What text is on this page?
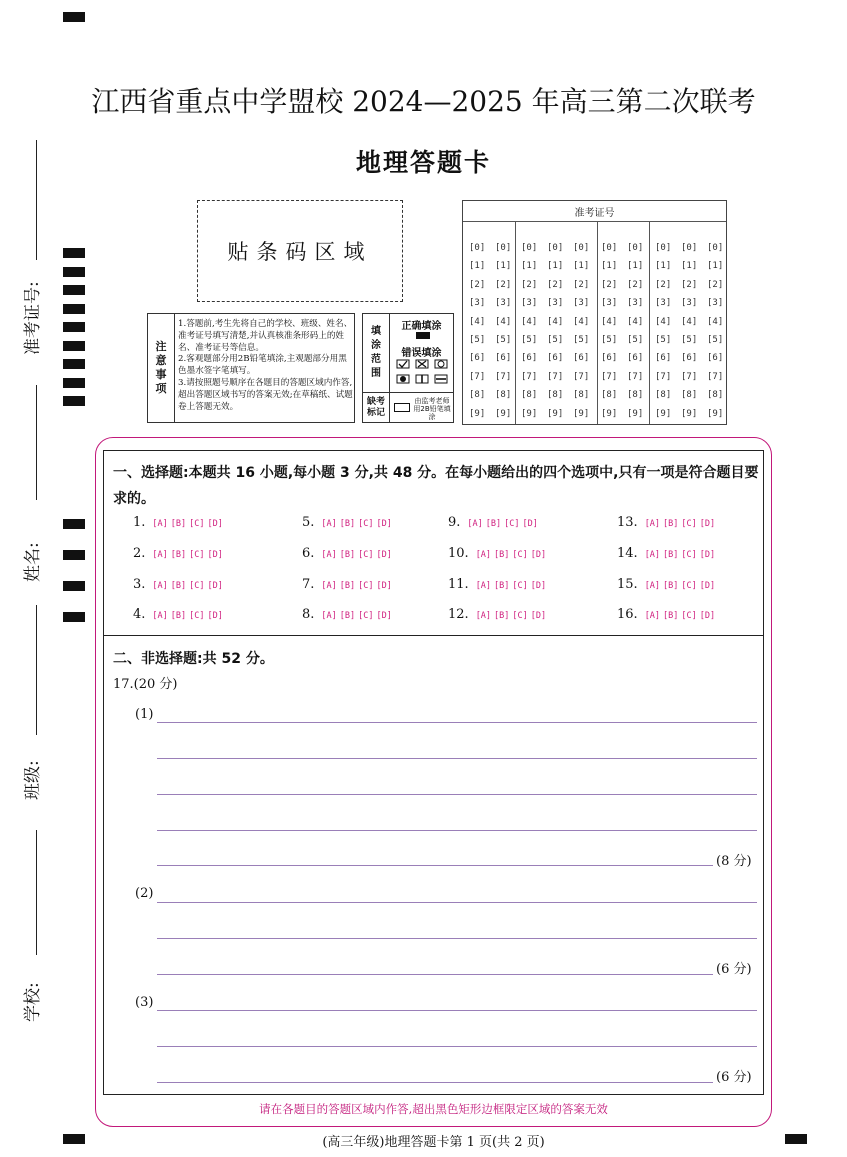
江西省重点中学盟校 2024—2025 年高三第二次联考
地理答题卡
贴条码区域
注
意
事
项
1.答题前,考生先将自己的学校、班级、姓名、准考证号填写清楚,并认真核准条形码上的姓名、准考证号等信息。
2.客观题部分用2B铅笔填涂,主观题部分用黑色墨水签字笔填写。
3.请按照题号顺序在各题目的答题区域内作答,超出答题区域书写的答案无效;在草稿纸、试题卷上答题无效。
填
涂
范
围
正确填涂
错误填涂
缺考
标记
由监考老师用2B铅笔填涂
准考证号
[0]
[1]
[2]
[3]
[4]
[5]
[6]
[7]
[8]
[9]
[0]
[1]
[2]
[3]
[4]
[5]
[6]
[7]
[8]
[9]
[0]
[1]
[2]
[3]
[4]
[5]
[6]
[7]
[8]
[9]
[0]
[1]
[2]
[3]
[4]
[5]
[6]
[7]
[8]
[9]
[0]
[1]
[2]
[3]
[4]
[5]
[6]
[7]
[8]
[9]
[0]
[1]
[2]
[3]
[4]
[5]
[6]
[7]
[8]
[9]
[0]
[1]
[2]
[3]
[4]
[5]
[6]
[7]
[8]
[9]
[0]
[1]
[2]
[3]
[4]
[5]
[6]
[7]
[8]
[9]
[0]
[1]
[2]
[3]
[4]
[5]
[6]
[7]
[8]
[9]
[0]
[1]
[2]
[3]
[4]
[5]
[6]
[7]
[8]
[9]
准考证号:
姓名:
班级:
学校:
一、选择题:本题共 16 小题,每小题 3 分,共 48 分。在每小题给出的四个选项中,只有一项是符合题目要求的。
1. [A] [B] [C] [D]
2. [A] [B] [C] [D]
3. [A] [B] [C] [D]
4. [A] [B] [C] [D]
5. [A] [B] [C] [D]
6. [A] [B] [C] [D]
7. [A] [B] [C] [D]
8. [A] [B] [C] [D]
9. [A] [B] [C] [D]
10. [A] [B] [C] [D]
11. [A] [B] [C] [D]
12. [A] [B] [C] [D]
13. [A] [B] [C] [D]
14. [A] [B] [C] [D]
15. [A] [B] [C] [D]
16. [A] [B] [C] [D]
二、非选择题:共 52 分。
17.(20 分)
(1)
(8 分)
(2)
(6 分)
(3)
(6 分)
请在各题目的答题区域内作答,超出黑色矩形边框限定区域的答案无效
(高三年级)地理答题卡第 1 页(共 2 页)
